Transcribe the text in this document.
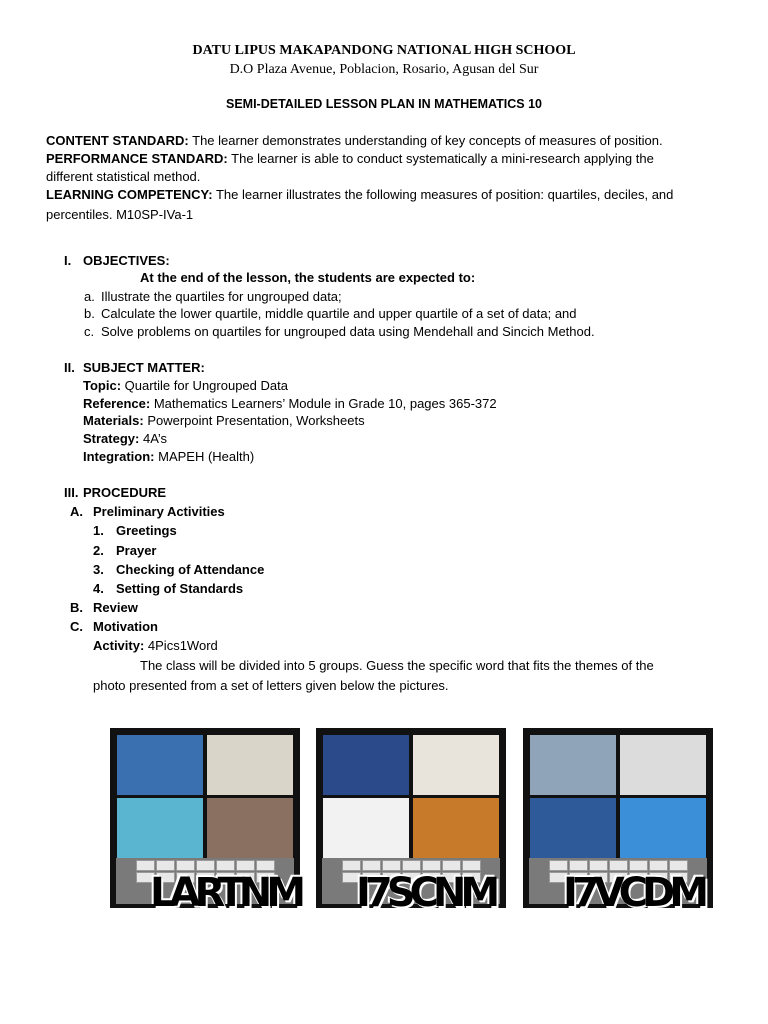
DATU LIPUS MAKAPANDONG NATIONAL HIGH SCHOOL
D.O Plaza Avenue, Poblacion, Rosario, Agusan del Sur
SEMI-DETAILED LESSON PLAN IN MATHEMATICS 10
CONTENT STANDARD: The learner demonstrates understanding of key concepts of measures of position.
PERFORMANCE STANDARD: The learner is able to conduct systematically a mini-research applying the
different statistical method.
LEARNING COMPETENCY: The learner illustrates the following measures of position: quartiles, deciles, and
percentiles. M10SP-IVa-1
I. OBJECTIVES:
At the end of the lesson, the students are expected to:
a. Illustrate the quartiles for ungrouped data;
b. Calculate the lower quartile, middle quartile and upper quartile of a set of data; and
c. Solve problems on quartiles for ungrouped data using Mendehall and Sincich Method.
II. SUBJECT MATTER:
Topic: Quartile for Ungrouped Data
Reference: Mathematics Learners’ Module in Grade 10, pages 365-372
Materials: Powerpoint Presentation, Worksheets
Strategy: 4A’s
Integration: MAPEH (Health)
III. PROCEDURE
A. Preliminary Activities
1. Greetings
2. Prayer
3. Checking of Attendance
4. Setting of Standards
B. Review
C. Motivation
Activity: 4Pics1Word
The class will be divided into 5 groups. Guess the specific word that fits the themes of the
photo presented from a set of letters given below the pictures.
LARTNM I7SCNM I7VCDM
